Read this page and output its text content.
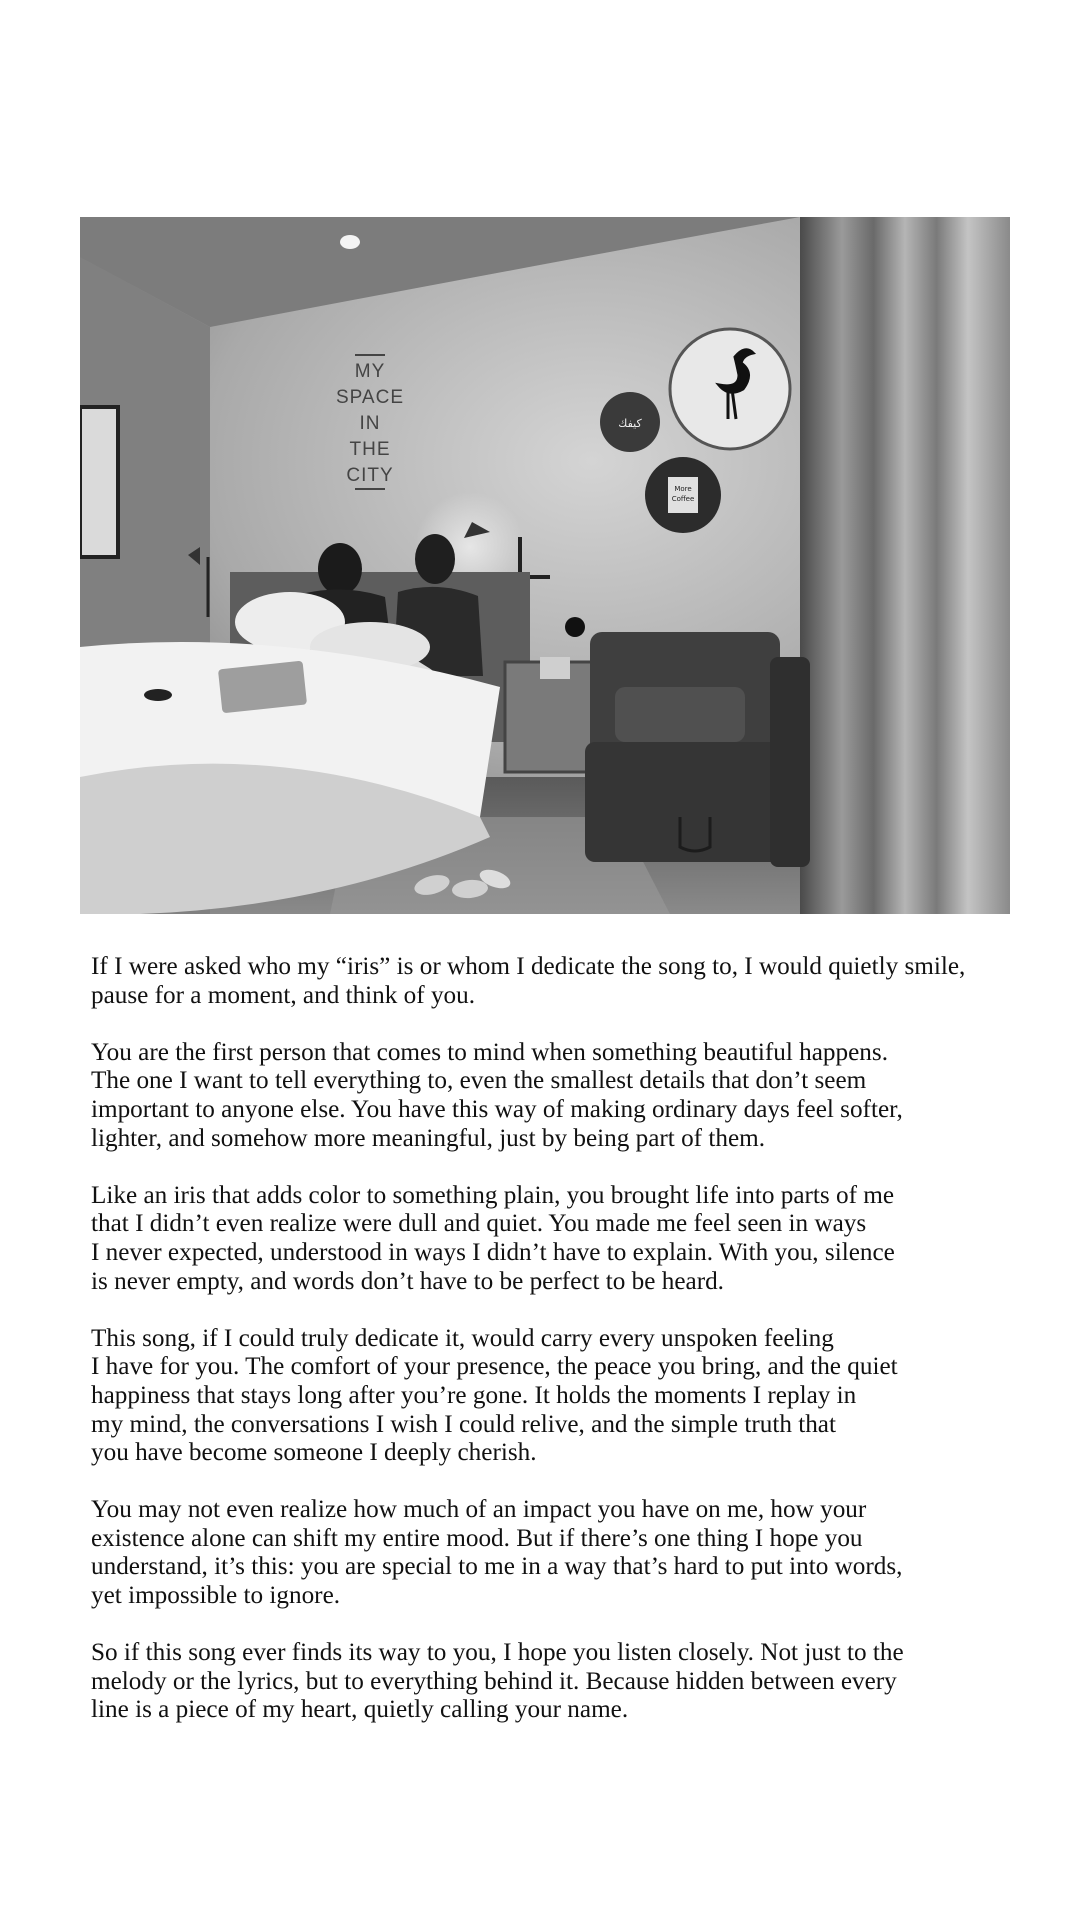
MY
SPACE
IN
THE
CITY
كيفك
More
Coffee

If I were asked who my “iris” is or whom I dedicate the song to, I would quietly smile,
pause for a moment, and think of you.

You are the first person that comes to mind when something beautiful happens.
The one I want to tell everything to, even the smallest details that don’t seem
important to anyone else. You have this way of making ordinary days feel softer,
lighter, and somehow more meaningful, just by being part of them.

Like an iris that adds color to something plain, you brought life into parts of me
that I didn’t even realize were dull and quiet. You made me feel seen in ways
I never expected, understood in ways I didn’t have to explain. With you, silence
is never empty, and words don’t have to be perfect to be heard.

This song, if I could truly dedicate it, would carry every unspoken feeling
I have for you. The comfort of your presence, the peace you bring, and the quiet
happiness that stays long after you’re gone. It holds the moments I replay in
my mind, the conversations I wish I could relive, and the simple truth that
you have become someone I deeply cherish.

You may not even realize how much of an impact you have on me, how your
existence alone can shift my entire mood. But if there’s one thing I hope you
understand, it’s this: you are special to me in a way that’s hard to put into words,
yet impossible to ignore.

So if this song ever finds its way to you, I hope you listen closely. Not just to the
melody or the lyrics, but to everything behind it. Because hidden between every
line is a piece of my heart, quietly calling your name.
